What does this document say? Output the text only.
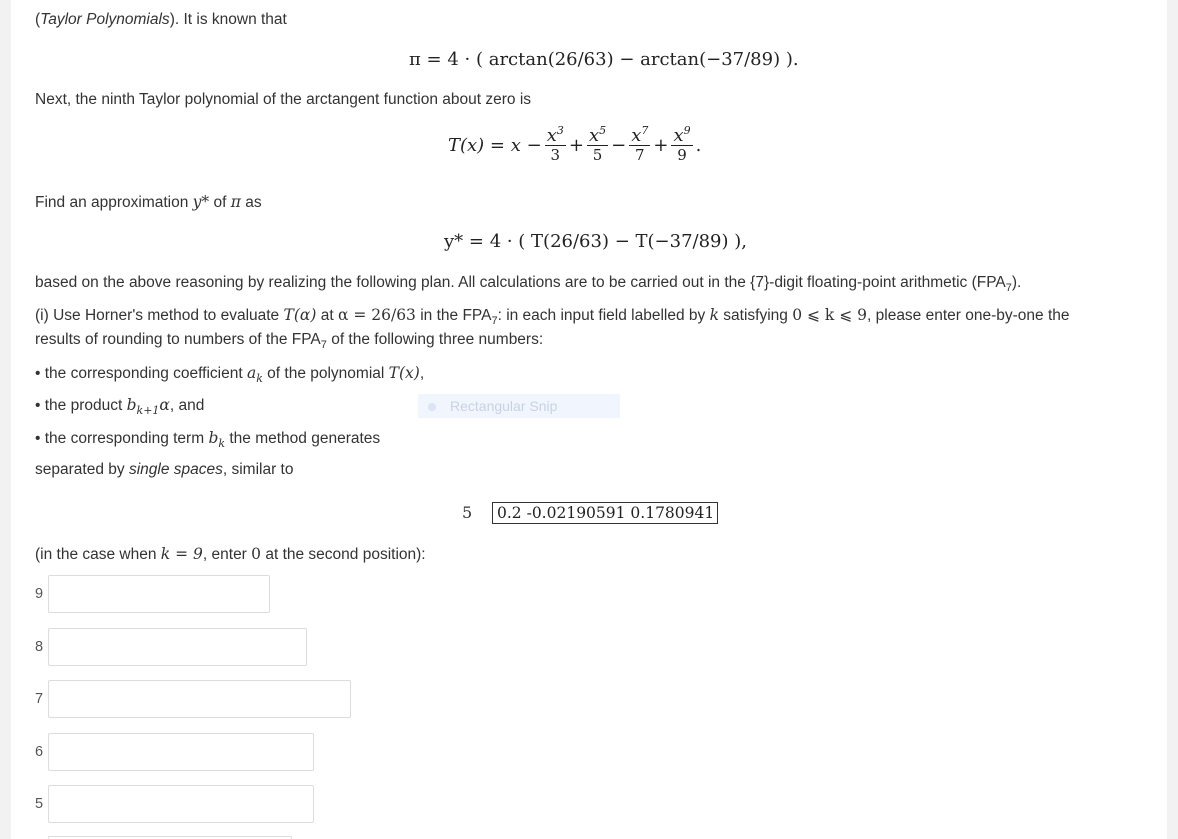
(Taylor Polynomials). It is known that
π = 4 · ( arctan(26/63) − arctan(−37/89) ).
Next, the ninth Taylor polynomial of the arctangent function about zero is
$T(x) = x - \frac{x^3}{3} + \frac{x^5}{5} - \frac{x^7}{7} + \frac{x^9}{9}$ .
Find an approximation y* of π as
y* = 4 · ( T(26/63) − T(−37/89) ),
based on the above reasoning by realizing the following plan. All calculations are to be carried out in the {7}-digit floating-point arithmetic $(FPA_7)$.
(i) Use Horner's method to evaluate T(α) at α = 26/63 in the $FPA_7$: in each input field labelled by k satisfying 0 ⩽ k ⩽ 9, please enter one-by-one the
results of rounding to numbers of the $FPA_7$ of the following three numbers:
• the corresponding coefficient $a_k$ of the polynomial T(x),
• the product $b_{k+1}\alpha$, and
• the corresponding term $b_k$ the method generates
Rectangular Snip
separated by single spaces, similar to
5	0.2 -0.02190591 0.1780941
(in the case when k = 9, enter 0 at the second position):
9
8
7
6
5
